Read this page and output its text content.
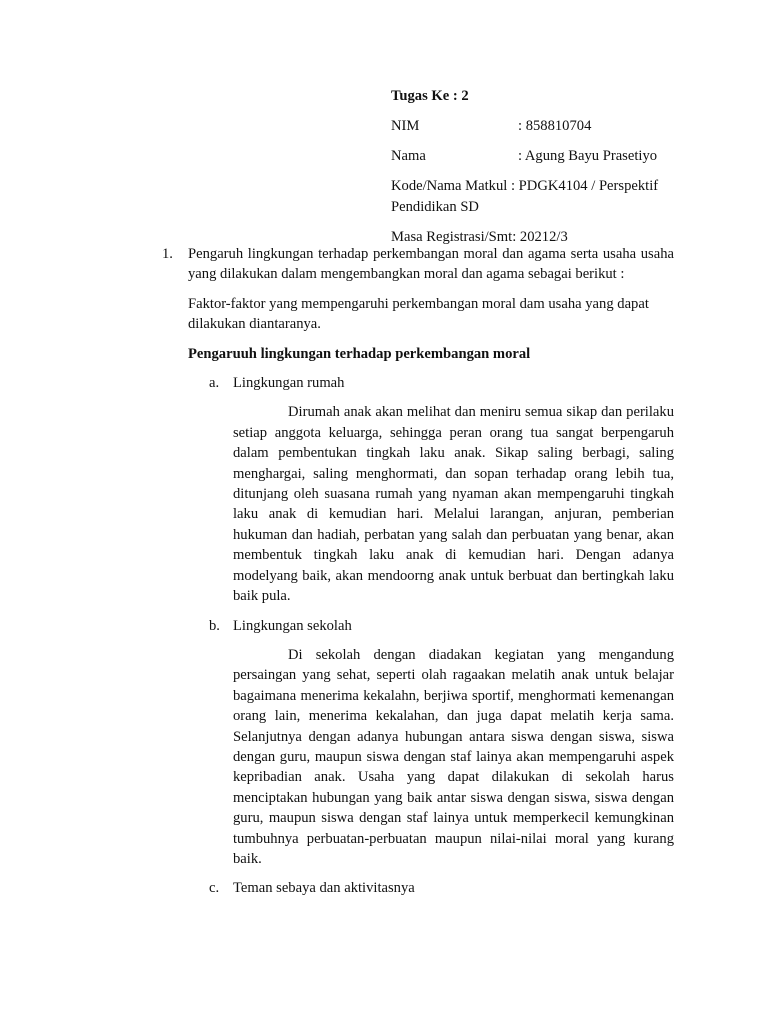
Tugas Ke : 2
NIM	: 858810704
Nama	: Agung Bayu Prasetiyo
Kode/Nama Matkul : PDGK4104 / Perspektif Pendidikan SD
Masa Registrasi/Smt: 20212/3
1. Pengaruh lingkungan terhadap perkembangan moral dan agama serta usaha usaha yang dilakukan dalam mengembangkan moral dan agama sebagai berikut :

Faktor-faktor yang mempengaruhi perkembangan moral dam usaha yang dapat dilakukan diantaranya.

Pengaruuh lingkungan terhadap perkembangan moral

a. Lingkungan rumah

Dirumah anak akan melihat dan meniru semua sikap dan perilaku setiap anggota keluarga, sehingga peran orang tua sangat berpengaruh dalam pembentukan tingkah laku anak. Sikap saling berbagi, saling menghargai, saling menghormati, dan sopan terhadap orang lebih tua, ditunjang oleh suasana rumah yang nyaman akan mempengaruhi tingkah laku anak di kemudian hari. Melalui larangan, anjuran, pemberian hukuman dan hadiah, perbatan yang salah dan perbuatan yang benar, akan membentuk tingkah laku anak di kemudian hari. Dengan adanya modelyang baik, akan mendoorng anak untuk berbuat dan bertingkah laku baik pula.

b. Lingkungan sekolah

Di sekolah dengan diadakan kegiatan yang mengandung persaingan yang sehat, seperti olah ragaakan melatih anak untuk belajar bagaimana menerima kekalahn, berjiwa sportif, menghormati kemenangan orang lain, menerima kekalahan, dan juga dapat melatih kerja sama. Selanjutnya dengan adanya hubungan antara siswa dengan siswa, siswa dengan guru, maupun siswa dengan staf lainya akan mempengaruhi aspek kepribadian anak. Usaha yang dapat dilakukan di sekolah harus menciptakan hubungan yang baik antar siswa dengan siswa, siswa dengan guru, maupun siswa dengan staf lainya untuk memperkecil kemungkinan tumbuhnya perbuatan-perbuatan maupun nilai-nilai moral yang kurang baik.

c. Teman sebaya dan aktivitasnya
